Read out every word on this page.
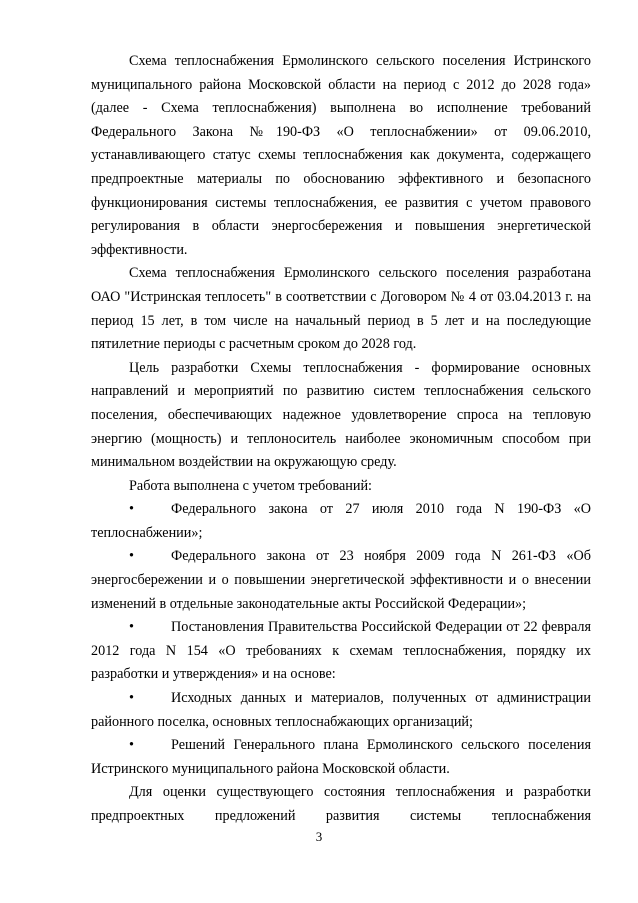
Схема теплоснабжения Ермолинского сельского поселения Истринского муниципального района Московской области на период с 2012 до 2028 года» (далее - Схема теплоснабжения) выполнена во исполнение требований Федерального Закона №190-ФЗ «О теплоснабжении» от 09.06.2010, устанавливающего статус схемы теплоснабжения как документа, содержащего предпроектные материалы по обоснованию эффективного и безопасного функционирования системы теплоснабжения, ее развития с учетом правового регулирования в области энергосбережения и повышения энергетической эффективности.

Схема теплоснабжения Ермолинского сельского поселения разработана ОАО "Истринская теплосеть" в соответствии с Договором № 4 от 03.04.2013 г. на период 15 лет, в том числе на начальный период в 5 лет и на последующие пятилетние периоды с расчетным сроком до 2028 год.

Цель разработки Схемы теплоснабжения - формирование основных направлений и мероприятий по развитию систем теплоснабжения сельского поселения, обеспечивающих надежное удовлетворение спроса на тепловую энергию (мощность) и теплоноситель наиболее экономичным способом при минимальном воздействии на окружающую среду.

Работа выполнена с учетом требований:

•	Федерального закона от 27 июля 2010 года N 190-ФЗ «О теплоснабжении»;

•	Федерального закона от 23 ноября 2009 года N 261-ФЗ «Об энергосбережении и о повышении энергетической эффективности и о внесении изменений в отдельные законодательные акты Российской Федерации»;

•	Постановления Правительства Российской Федерации от 22 февраля 2012 года N 154 «О требованиях к схемам теплоснабжения, порядку их разработки и утверждения» и на основе:

•	Исходных данных и материалов, полученных от администрации районного поселка, основных теплоснабжающих организаций;

•	Решений Генерального плана Ермолинского сельского поселения Истринского муниципального района Московской области.

Для оценки существующего состояния теплоснабжения и разработки предпроектных предложений развития системы теплоснабжения

3
